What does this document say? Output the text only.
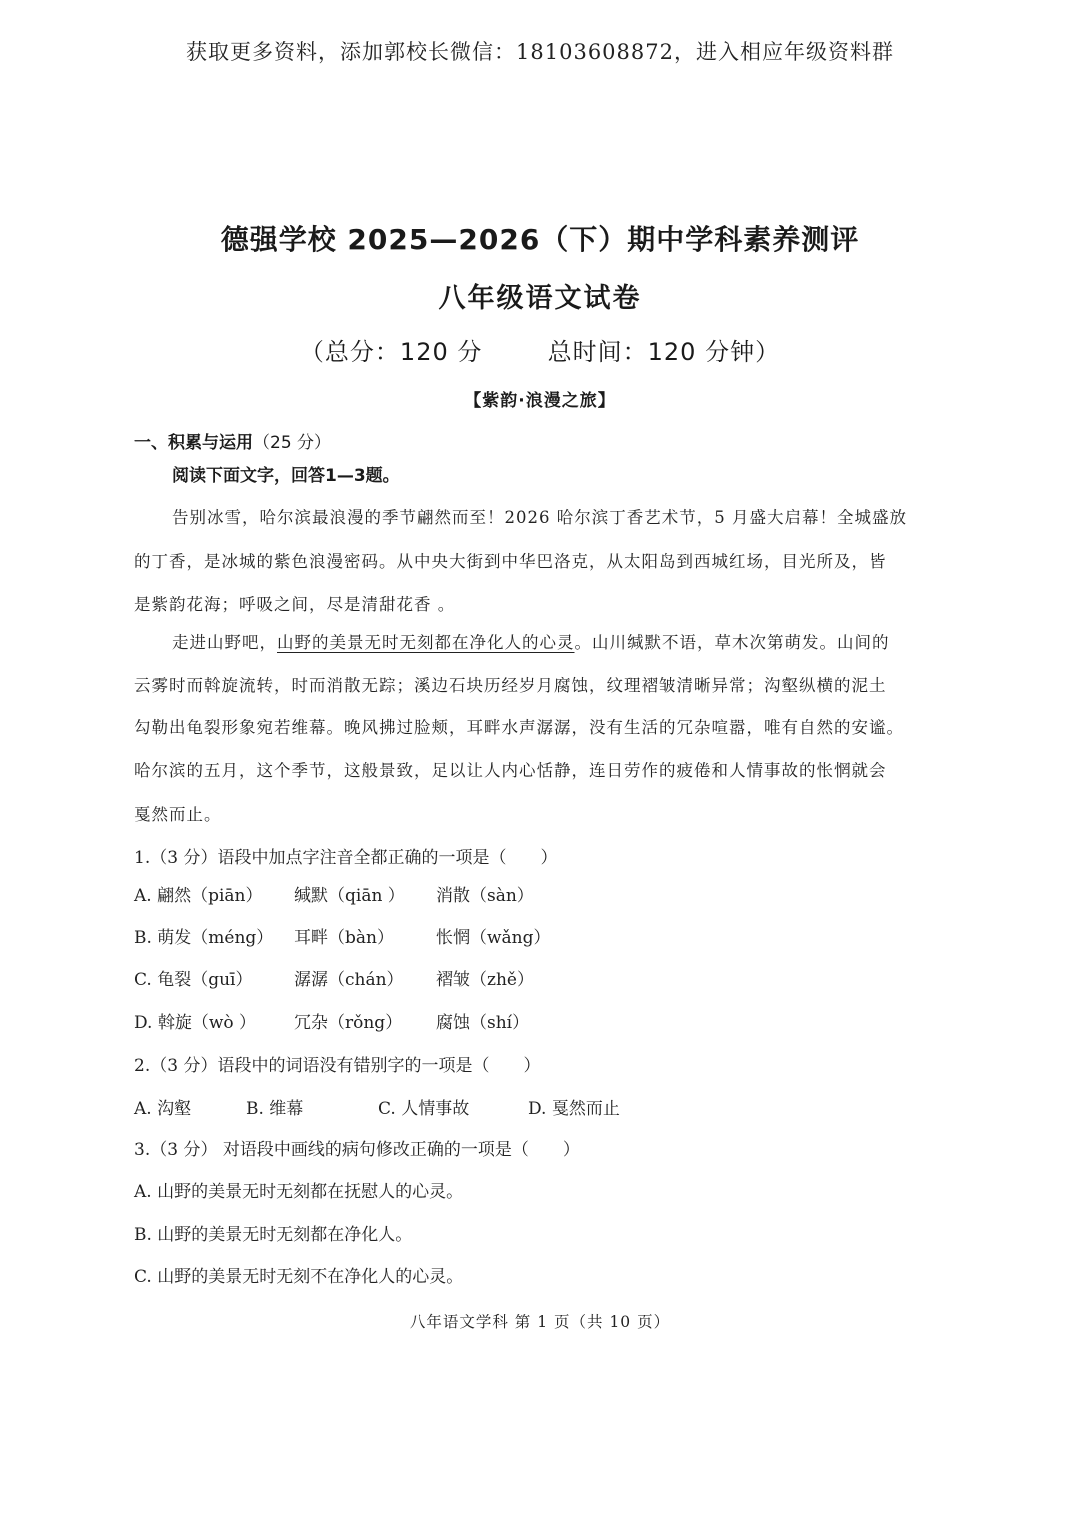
获取更多资料，添加郭校长微信：18103608872，进入相应年级资料群
德强学校 2025—2026（下）期中学科素养测评
八年级语文试卷
（总分：120 分	总时间：120 分钟）
【紫韵·浪漫之旅】
一、积累与运用（25 分）
阅读下面文字，回答1—3题。
告别冰雪，哈尔滨最浪漫的季节翩然而至！2026 哈尔滨丁香艺术节，5 月盛大启幕！全城盛放
的丁香，是冰城的紫色浪漫密码。从中央大街到中华巴洛克，从太阳岛到西城红场，目光所及，皆
是紫韵花海；呼吸之间，尽是清甜花香 。
走进山野吧，山野的美景无时无刻都在净化人的心灵。山川缄默不语，草木次第萌发。山间的
云雾时而斡旋流转，时而消散无踪；溪边石块历经岁月腐蚀，纹理褶皱清晰异常；沟壑纵横的泥土
勾勒出龟裂形象宛若维幕。晚风拂过脸颊，耳畔水声潺潺，没有生活的冗杂喧嚣，唯有自然的安谧。
哈尔滨的五月，这个季节，这般景致，足以让人内心恬静，连日劳作的疲倦和人情事故的怅惘就会
戛然而止。
1.（3 分）语段中加点字注音全都正确的一项是（　　）
A. 翩然（piān） 缄默（qiān ） 消散（sàn）
B. 萌发（méng） 耳畔（bàn） 怅惘（wǎng）
C. 龟裂（guī） 潺潺（chán） 褶皱（zhě）
D. 斡旋（wò ） 冗杂（rǒng） 腐蚀（shí）
2.（3 分）语段中的词语没有错别字的一项是（　　）
A. 沟壑	B. 维幕	C. 人情事故	D. 戛然而止
3.（3 分） 对语段中画线的病句修改正确的一项是（　　）
A. 山野的美景无时无刻都在抚慰人的心灵。
B. 山野的美景无时无刻都在净化人。
C. 山野的美景无时无刻不在净化人的心灵。
八年语文学科 第 1 页（共 10 页）
